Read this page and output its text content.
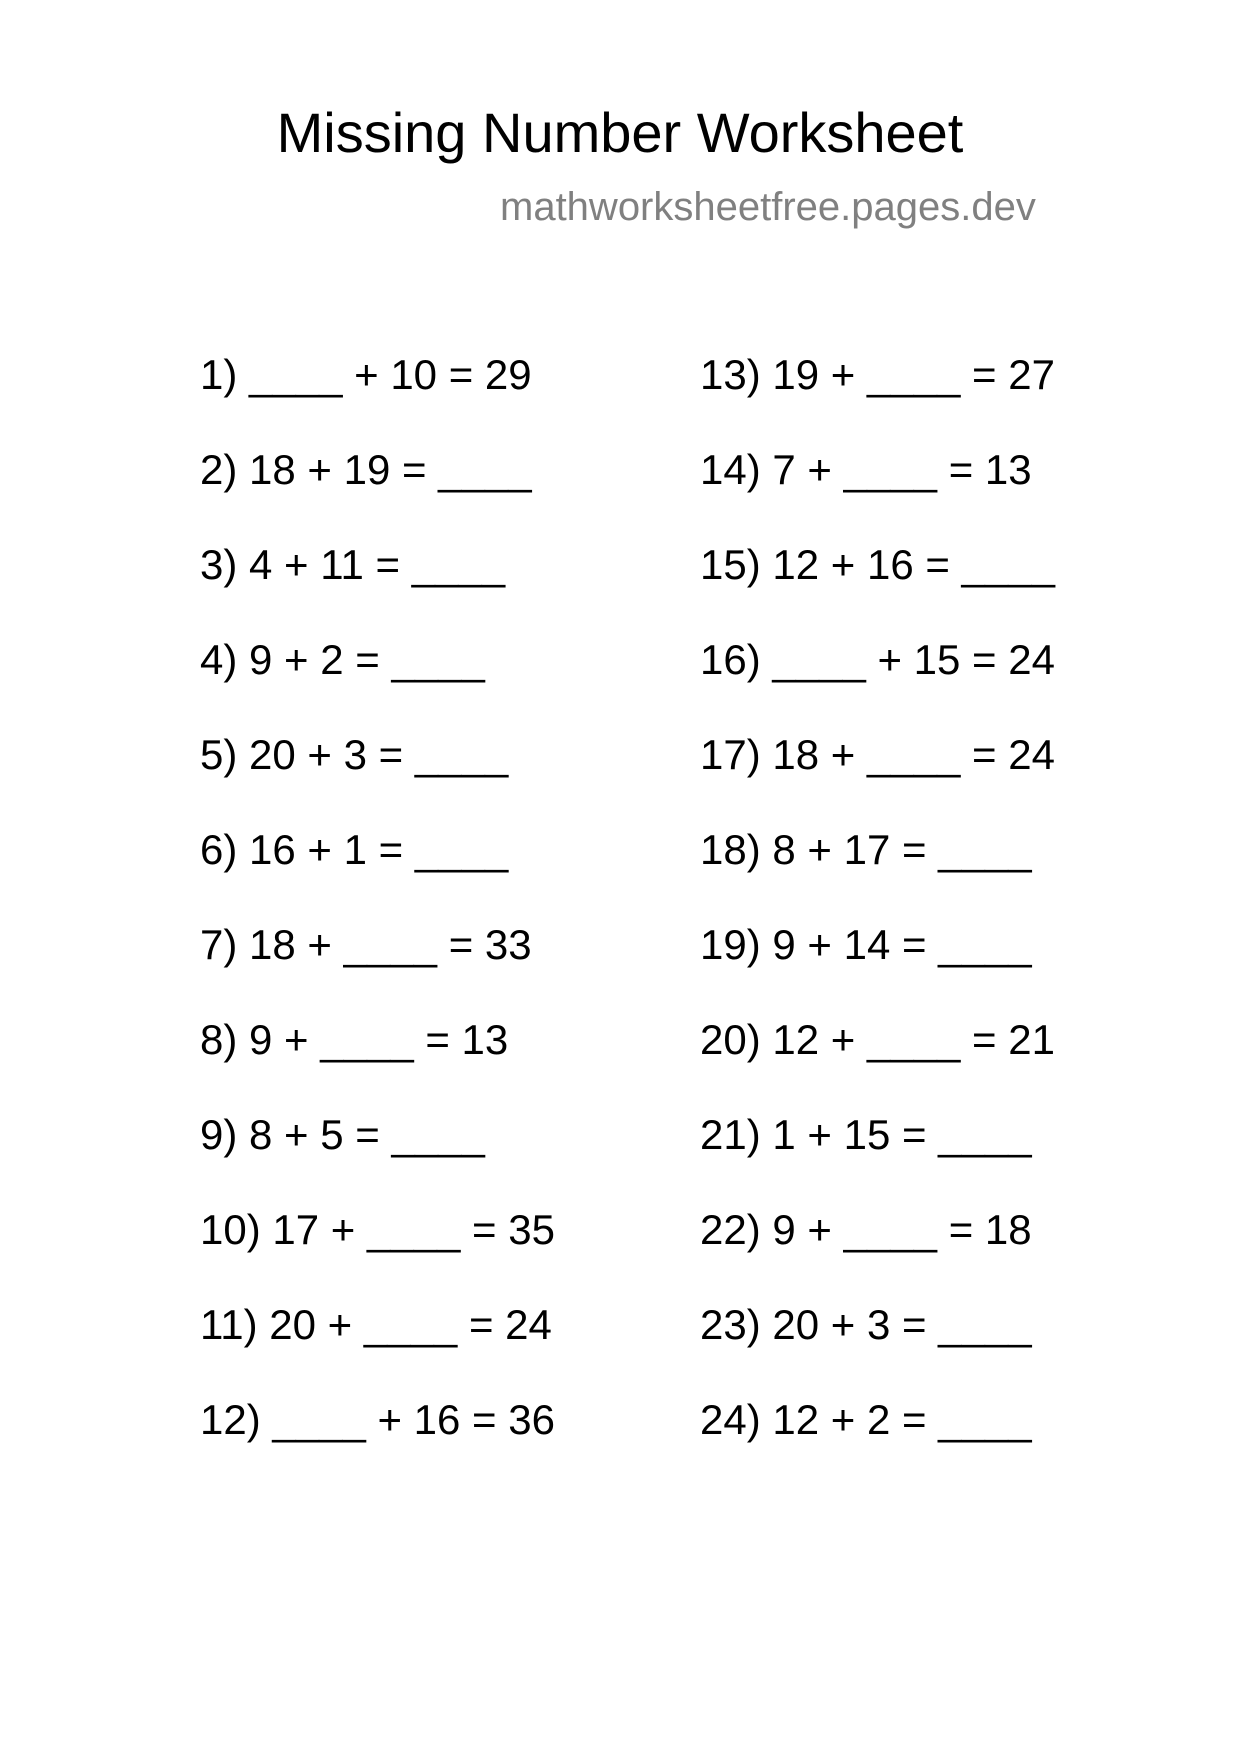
Missing Number Worksheet
mathworksheetfree.pages.dev
1) ____ + 10 = 29
2) 18 + 19 = ____
3) 4 + 11 = ____
4) 9 + 2 = ____
5) 20 + 3 = ____
6) 16 + 1 = ____
7) 18 + ____ = 33
8) 9 + ____ = 13
9) 8 + 5 = ____
10) 17 + ____ = 35
11) 20 + ____ = 24
12) ____ + 16 = 36
13) 19 + ____ = 27
14) 7 + ____ = 13
15) 12 + 16 = ____
16) ____ + 15 = 24
17) 18 + ____ = 24
18) 8 + 17 = ____
19) 9 + 14 = ____
20) 12 + ____ = 21
21) 1 + 15 = ____
22) 9 + ____ = 18
23) 20 + 3 = ____
24) 12 + 2 = ____
